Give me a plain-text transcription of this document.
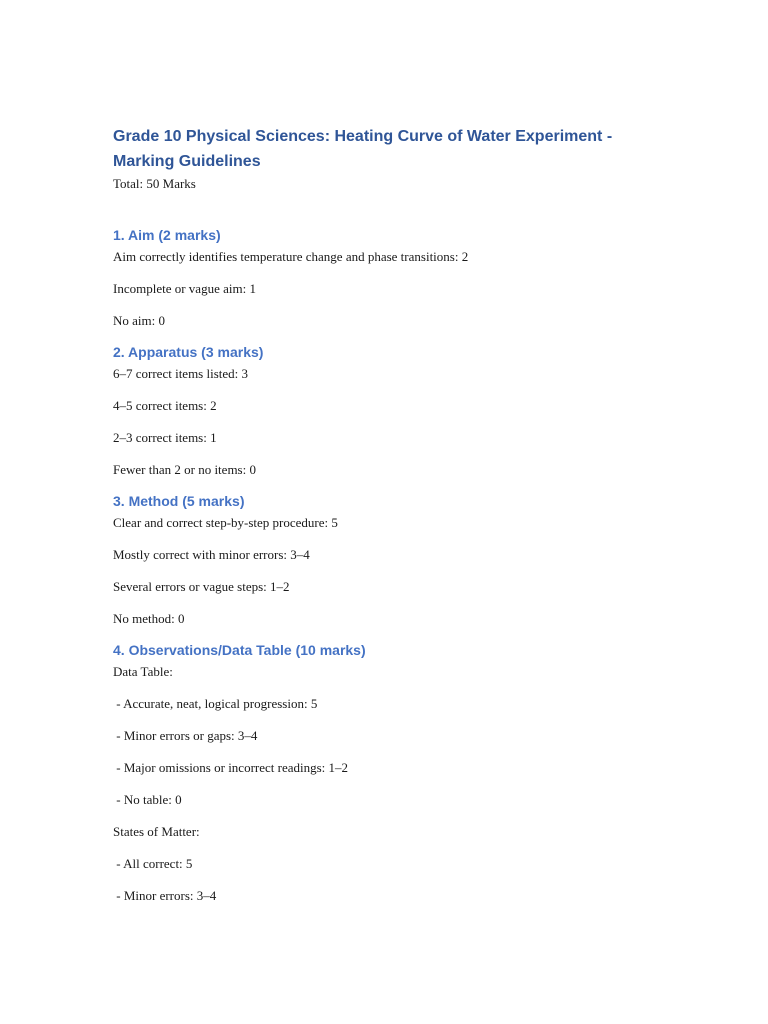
Grade 10 Physical Sciences: Heating Curve of Water Experiment - Marking Guidelines

Total: 50 Marks

1. Aim (2 marks)

Aim correctly identifies temperature change and phase transitions: 2

Incomplete or vague aim: 1

No aim: 0

2. Apparatus (3 marks)

6–7 correct items listed: 3

4–5 correct items: 2

2–3 correct items: 1

Fewer than 2 or no items: 0

3. Method (5 marks)

Clear and correct step-by-step procedure: 5

Mostly correct with minor errors: 3–4

Several errors or vague steps: 1–2

No method: 0

4. Observations/Data Table (10 marks)

Data Table:

- Accurate, neat, logical progression: 5

- Minor errors or gaps: 3–4

- Major omissions or incorrect readings: 1–2

- No table: 0

States of Matter:

- All correct: 5

- Minor errors: 3–4
